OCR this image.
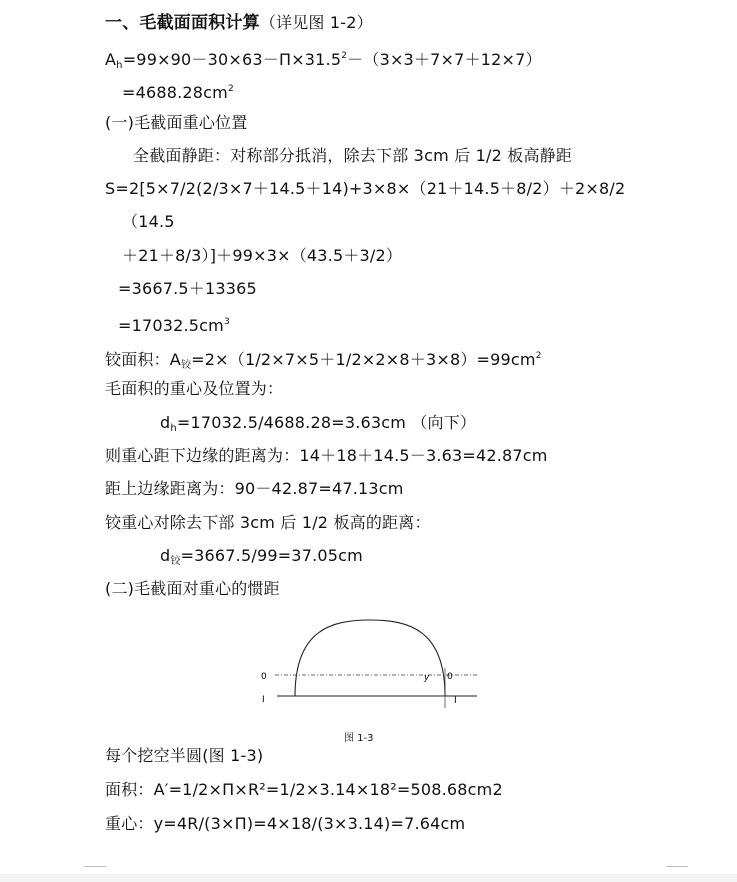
一、毛截面面积计算（详见图 1-2）
$A_h=99\times 90-30\times 63-\Pi\times 31.5^2-(3\times 3+7\times 7+12\times 7)$
$=4688.28cm^2$
(一)毛截面重心位置
全截面静距：对称部分抵消，除去下部 3cm 后 1/2 板高静距
S=2[5×7/2(2/3×7＋14.5＋14)+3×8×（21＋14.5＋8/2）＋2×8/2
（14.5
＋21＋8/3）]＋99×3×（43.5＋3/2）
=3667.5＋13365
$=17032.5cm^3$
铰面积：$A_铰=2\times(1/2\times 7\times 5+1/2\times 2\times 8+3\times 8)=99cm^2$
毛面积的重心及位置为：
$d_h=17032.5/4688.28=3.63cm$ （向下）
则重心距下边缘的距离为：14＋18＋14.5－3.63=42.87cm
距上边缘距离为：90－42.87=47.13cm
铰重心对除去下部 3cm 后 1/2 板高的距离：
$d_铰=3667.5/99=37.05cm$
(二)毛截面对重心的惯距
0	0
y
I	I
图 1-3
每个挖空半圆(图 1-3)
面积：A′=1/2×Π×R²=1/2×3.14×18²=508.68cm2
重心：y=4R/(3×Π)=4×18/(3×3.14)=7.64cm
